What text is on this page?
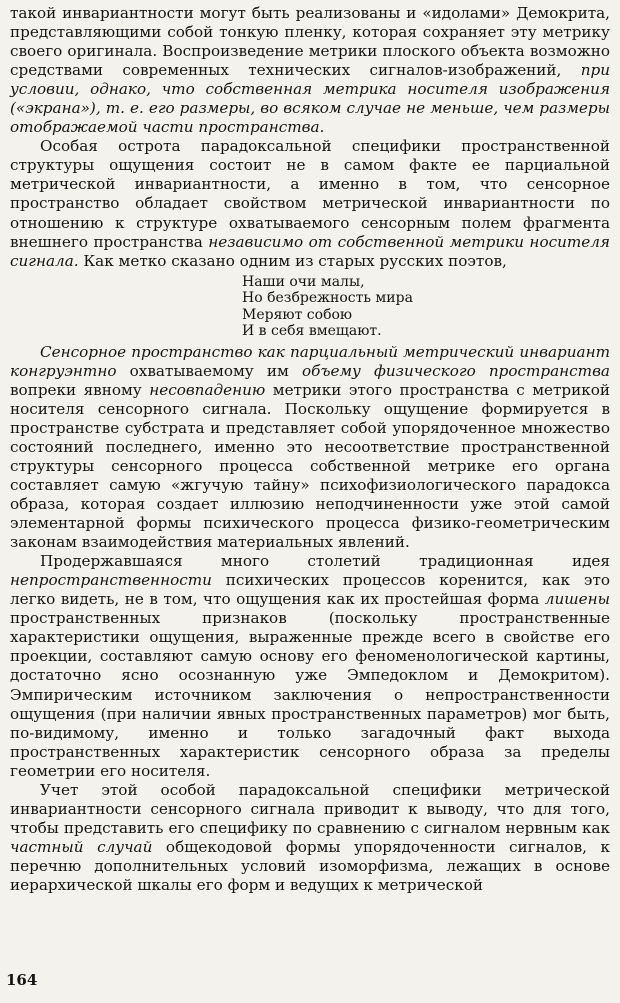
такой инвариантности могут быть реализованы и «идолами» Демокрита, представляющими собой тонкую пленку, которая сохраняет эту метрику своего оригинала. Воспроизведение метрики плоского объекта возможно средствами современных технических сигналов-изображений, при условии, однако, что собственная метрика носителя изображения («экрана»), т. е. его размеры, во всяком случае не меньше, чем размеры отображаемой части пространства.

Особая острота парадоксальной специфики пространственной структуры ощущения состоит не в самом факте ее парциальной метрической инвариантности, а именно в том, что сенсорное пространство обладает свойством метрической инвариантности по отношению к структуре охватываемого сенсорным полем фрагмента внешнего пространства независимо от собственной метрики носителя сигнала. Как метко сказано одним из старых русских поэтов,

Наши очи малы,
Но безбрежность мира
Меряют собою
И в себя вмещают.

Сенсорное пространство как парциальный метрический инвариант конгруэнтно охватываемому им объему физического пространства вопреки явному несовпадению метрики этого пространства с метрикой носителя сенсорного сигнала. Поскольку ощущение формируется в пространстве субстрата и представляет собой упорядоченное множество состояний последнего, именно это несоответствие пространственной структуры сенсорного процесса собственной метрике его органа составляет самую «жгучую тайну» психофизиологического парадокса образа, которая создает иллюзию неподчиненности уже этой самой элементарной формы психического процесса физико-геометрическим законам взаимодействия материальных явлений.

Продержавшаяся много столетий традиционная идея непространственности психических процессов коренится, как это легко видеть, не в том, что ощущения как их простейшая форма лишены пространственных признаков (поскольку пространственные характеристики ощущения, выраженные прежде всего в свойстве его проекции, составляют самую основу его феноменологической картины, достаточно ясно осознанную уже Эмпедоклом и Демокритом). Эмпирическим источником заключения о непространственности ощущения (при наличии явных пространственных параметров) мог быть, по-видимому, именно и только загадочный факт выхода пространственных характеристик сенсорного образа за пределы геометрии его носителя.

Учет этой особой парадоксальной специфики метрической инвариантности сенсорного сигнала приводит к выводу, что для того, чтобы представить его специфику по сравнению с сигналом нервным как частный случай общекодовой формы упорядоченности сигналов, к перечню дополнительных условий изоморфизма, лежащих в основе иерархической шкалы его форм и ведущих к метрической

164
